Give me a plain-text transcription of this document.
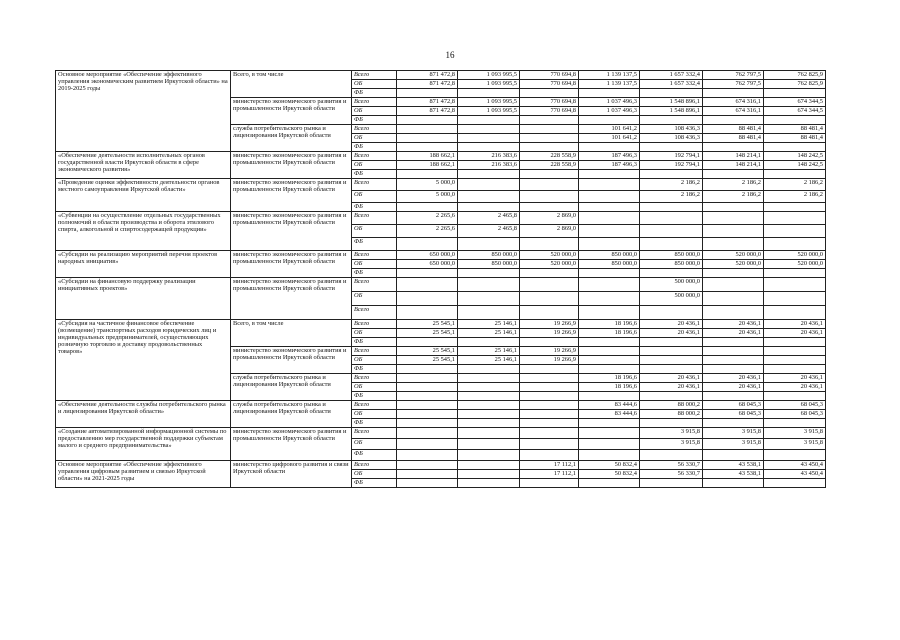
16
Основное мероприятие «Обеспечение эффективного управления экономическим развитием Иркутской области» на 2019-2025 годы	Всего, в том числе	Всего	871 472,8	1 093 995,5	770 694,8	1 139 137,5	1 657 332,4	762 797,5	762 825,9
		ОБ	871 472,8	1 093 995,5	770 694,8	1 139 137,5	1 657 332,4	762 797,5	762 825,9
		ФБ							
	министерство экономического развития и промышленности Иркутской области	Всего	871 472,8	1 093 995,5	770 694,8	1 037 496,3	1 548 896,1	674 316,1	674 344,5
		ОБ	871 472,8	1 093 995,5	770 694,8	1 037 496,3	1 548 896,1	674 316,1	674 344,5
		ФБ							
	служба потребительского рынка и лицензирования Иркутской области	Всего				101 641,2	108 436,3	88 481,4	88 481,4
		ОБ				101 641,2	108 436,3	88 481,4	88 481,4
		ФБ							
«Обеспечение деятельности исполнительных органов государственной власти Иркутской области в сфере экономического развития»	министерство экономического развития и промышленности Иркутской области	Всего	188 662,1	216 383,6	228 558,9	187 496,3	192 794,1	148 214,1	148 242,5
		ОБ	188 662,1	216 383,6	228 558,9	187 496,3	192 794,1	148 214,1	148 242,5
		ФБ							
«Проведение оценки эффективности деятельности органов местного самоуправления Иркутской области»	министерство экономического развития и промышленности Иркутской области	Всего	5 000,0				2 186,2	2 186,2	2 186,2
		ОБ	5 000,0				2 186,2	2 186,2	2 186,2
		ФБ							
«Субвенции на осуществление отдельных государственных полномочий в области производства и оборота этилового спирта, алкогольной и спиртосодержащей продукции»	министерство экономического развития и промышленности Иркутской области	Всего	2 265,6	2 465,8	2 869,0				
		ОБ	2 265,6	2 465,8	2 869,0				
		ФБ							
«Субсидии на реализацию мероприятий перечня проектов народных инициатив»	министерство экономического развития и промышленности Иркутской области	Всего	650 000,0	850 000,0	520 000,0	850 000,0	850 000,0	520 000,0	520 000,0
		ОБ	650 000,0	850 000,0	520 000,0	850 000,0	850 000,0	520 000,0	520 000,0
		ФБ							
«Субсидии на финансовую поддержку реализации инициативных проектов»	министерство экономического развития и промышленности Иркутской области	Всего					500 000,0		
		ОБ					500 000,0		
		Всего							
«Субсидия на частичное финансовое обеспечение (возмещение) транспортных расходов юридических лиц и индивидуальных предпринимателей, осуществляющих розничную торговлю и доставку продовольственных товаров»	Всего, в том числе	Всего	25 545,1	25 146,1	19 266,9	18 196,6	20 436,1	20 436,1	20 436,1
		ОБ	25 545,1	25 146,1	19 266,9	18 196,6	20 436,1	20 436,1	20 436,1
		ФБ							
	министерство экономического развития и промышленности Иркутской области	Всего	25 545,1	25 146,1	19 266,9				
		ОБ	25 545,1	25 146,1	19 266,9				
		ФБ							
	служба потребительского рынка и лицензирования Иркутской области	Всего				18 196,6	20 436,1	20 436,1	20 436,1
		ОБ				18 196,6	20 436,1	20 436,1	20 436,1
		ФБ							
«Обеспечение деятельности службы потребительского рынка и лицензирования Иркутской области»	служба потребительского рынка и лицензирования Иркутской области	Всего				83 444,6	88 000,2	68 045,3	68 045,3
		ОБ				83 444,6	88 000,2	68 045,3	68 045,3
		ФБ							
«Создание автоматизированной информационной системы по предоставлению мер государственной поддержки субъектам малого и среднего предпринимательства»	министерство экономического развития и промышленности Иркутской области	Всего					3 915,8	3 915,8	3 915,8
		ОБ					3 915,8	3 915,8	3 915,8
		ФБ							
Основное мероприятие «Обеспечение эффективного управления цифровым развитием и связью Иркутской области» на 2021-2025 годы	министерство цифрового развития и связи Иркутской области	Всего			17 112,1	50 832,4	56 330,7	43 538,1	43 450,4
		ОБ			17 112,1	50 832,4	56 330,7	43 538,1	43 450,4
		ФБ							
